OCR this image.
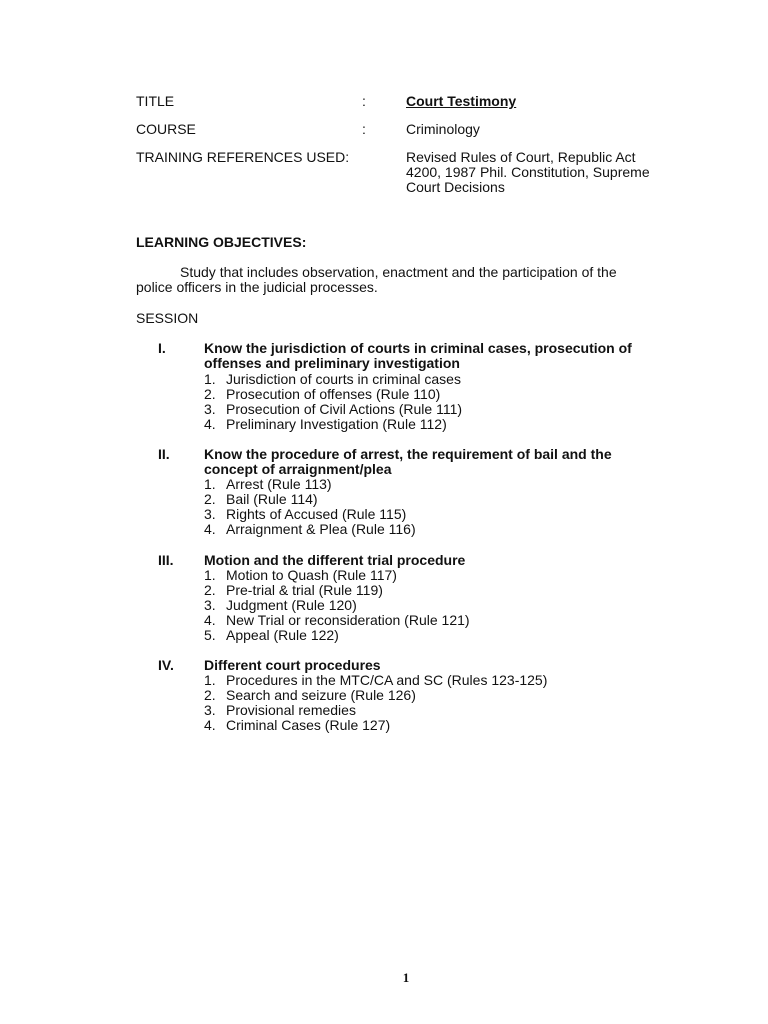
TITLE	:	Court Testimony
COURSE	:	Criminology
TRAINING REFERENCES USED:	Revised Rules of Court, Republic Act
4200, 1987 Phil. Constitution, Supreme
Court Decisions
LEARNING OBJECTIVES:
Study that includes observation, enactment and the participation of the
police officers in the judicial processes.
SESSION
I.	Know the jurisdiction of courts in criminal cases, prosecution of
offenses and preliminary investigation
1. Jurisdiction of courts in criminal cases
2. Prosecution of offenses (Rule 110)
3. Prosecution of Civil Actions (Rule 111)
4. Preliminary Investigation (Rule 112)
II. Know the procedure of arrest, the requirement of bail and the
concept of arraignment/plea
1. Arrest (Rule 113)
2. Bail (Rule 114)
3. Rights of Accused (Rule 115)
4. Arraignment & Plea (Rule 116)
III. Motion and the different trial procedure
1. Motion to Quash (Rule 117)
2. Pre-trial & trial (Rule 119)
3. Judgment (Rule 120)
4. New Trial or reconsideration (Rule 121)
5. Appeal (Rule 122)
IV. Different court procedures
1. Procedures in the MTC/CA and SC (Rules 123-125)
2. Search and seizure (Rule 126)
3. Provisional remedies
4. Criminal Cases (Rule 127)
1
